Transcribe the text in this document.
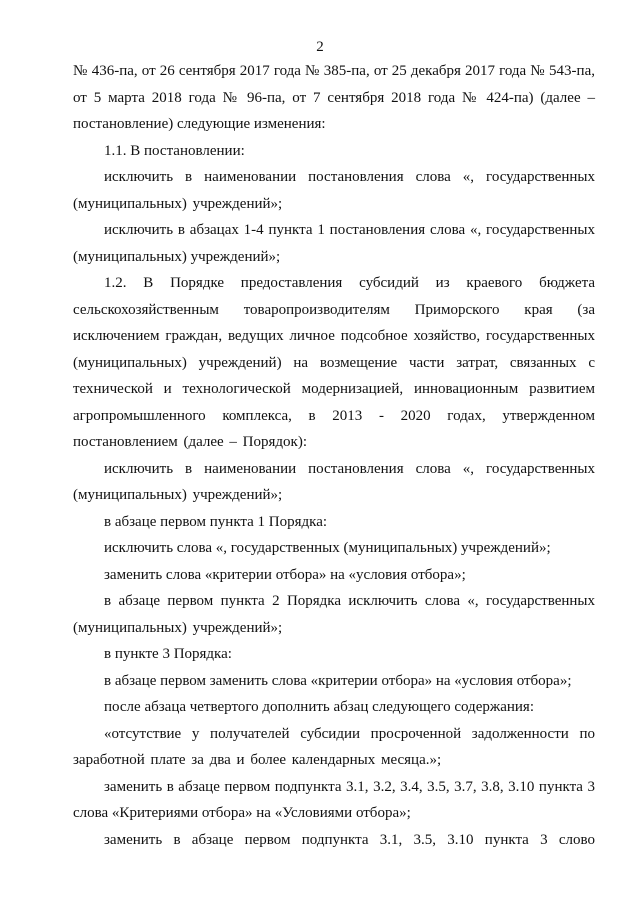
2

№ 436-па, от 26 сентября 2017 года № 385-па, от 25 декабря 2017 года № 543-па, от 5 марта 2018 года № 96-па, от 7 сентября 2018 года № 424-па) (далее – постановление) следующие изменения:

1.1. В постановлении:

исключить в наименовании постановления слова «, государственных (муниципальных) учреждений»;

исключить в абзацах 1-4 пункта 1 постановления слова «, государственных (муниципальных) учреждений»;

1.2. В Порядке предоставления субсидий из краевого бюджета сельскохозяйственным товаропроизводителям Приморского края (за исключением граждан, ведущих личное подсобное хозяйство, государственных (муниципальных) учреждений) на возмещение части затрат, связанных с технической и технологической модернизацией, инновационным развитием агропромышленного комплекса, в 2013 - 2020 годах, утвержденном постановлением (далее – Порядок):

исключить в наименовании постановления слова «, государственных (муниципальных) учреждений»;

в абзаце первом пункта 1 Порядка:

исключить слова «, государственных (муниципальных) учреждений»;

заменить слова «критерии отбора» на «условия отбора»;

в абзаце первом пункта 2 Порядка исключить слова «, государственных (муниципальных) учреждений»;

в пункте 3 Порядка:

в абзаце первом заменить слова «критерии отбора» на «условия отбора»;

после абзаца четвертого дополнить абзац следующего содержания:

«отсутствие у получателей субсидии просроченной задолженности по заработной плате за два и более календарных месяца.»;

заменить в абзаце первом подпункта 3.1, 3.2, 3.4, 3.5, 3.7, 3.8, 3.10 пункта 3 слова «Критериями отбора» на «Условиями отбора»;

заменить в абзаце первом подпункта 3.1, 3.5, 3.10 пункта 3 слово
